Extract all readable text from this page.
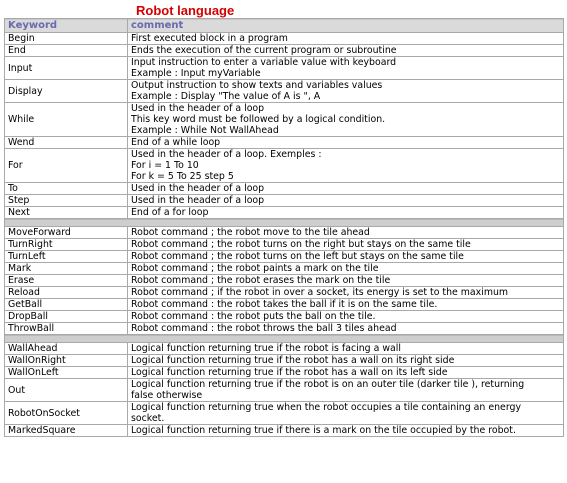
Robot language
Keyword	comment
Begin	First executed block in a program

End	Ends the execution of the current program or subroutine

Input	Input instruction to enter a variable value with keyboard
Example : Input myVariable

Display	Output instruction to show texts and variables values
Example : Display "The value of A is ", A

While	Used in the header of a loop
This key word must be followed by a logical condition.
Example : While Not WallAhead

Wend	End of a while loop

For	Used in the header of a loop. Exemples :
For i = 1 To 10
For k = 5 To 25 step 5

To	Used in the header of a loop

Step	Used in the header of a loop

Next	End of a for loop

MoveForward	Robot command ; the robot move to the tile ahead

TurnRight	Robot command ; the robot turns on the right but stays on the same tile

TurnLeft	Robot command ; the robot turns on the left but stays on the same tile

Mark	Robot command ; the robot paints a mark on the tile

Erase	Robot command ; the robot erases the mark on the tile

Reload	Robot command ; if the robot in over a socket, its energy is set to the maximum

GetBall	Robot command : the robot takes the ball if it is on the same tile.

DropBall	Robot command : the robot puts the ball on the tile.

ThrowBall	Robot command : the robot throws the ball 3 tiles ahead

WallAhead	Logical function returning true if the robot is facing a wall

WallOnRight	Logical function returning true if the robot has a wall on its right side

WallOnLeft	Logical function returning true if the robot has a wall on its left side

Out	Logical function returning true if the robot is on an outer tile (darker tile ), returning
false otherwise

RobotOnSocket	Logical function returning true when the robot occupies a tile containing an energy
socket.

MarkedSquare	Logical function returning true if there is a mark on the tile occupied by the robot.
